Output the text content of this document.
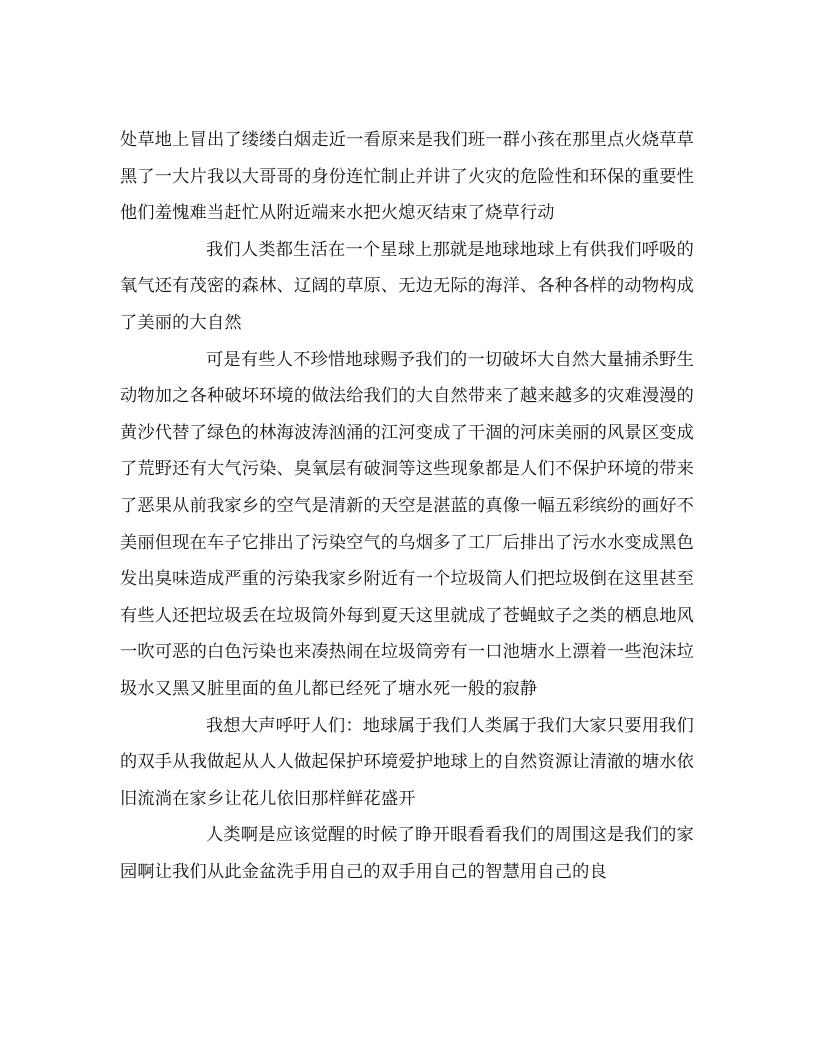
处草地上冒出了缕缕白烟走近一看原来是我们班一群小孩在那里点火烧草草黑了一大片我以大哥哥的身份连忙制止并讲了火灾的危险性和环保的重要性他们羞愧难当赶忙从附近端来水把火熄灭结束了烧草行动

我们人类都生活在一个星球上那就是地球地球上有供我们呼吸的氧气还有茂密的森林、辽阔的草原、无边无际的海洋、各种各样的动物构成了美丽的大自然

可是有些人不珍惜地球赐予我们的一切破坏大自然大量捕杀野生动物加之各种破坏环境的做法给我们的大自然带来了越来越多的灾难漫漫的黄沙代替了绿色的林海波涛汹涌的江河变成了干涸的河床美丽的风景区变成了荒野还有大气污染、臭氧层有破洞等这些现象都是人们不保护环境的带来了恶果从前我家乡的空气是清新的天空是湛蓝的真像一幅五彩缤纷的画好不美丽但现在车子它排出了污染空气的乌烟多了工厂后排出了污水水变成黑色发出臭味造成严重的污染我家乡附近有一个垃圾筒人们把垃圾倒在这里甚至有些人还把垃圾丢在垃圾筒外每到夏天这里就成了苍蝇蚊子之类的栖息地风一吹可恶的白色污染也来凑热闹在垃圾筒旁有一口池塘水上漂着一些泡沫垃圾水又黑又脏里面的鱼儿都已经死了塘水死一般的寂静

我想大声呼吁人们：地球属于我们人类属于我们大家只要用我们的双手从我做起从人人做起保护环境爱护地球上的自然资源让清澈的塘水依旧流淌在家乡让花儿依旧那样鲜花盛开

人类啊是应该觉醒的时候了睁开眼看看我们的周围这是我们的家园啊让我们从此金盆洗手用自己的双手用自己的智慧用自己的良
